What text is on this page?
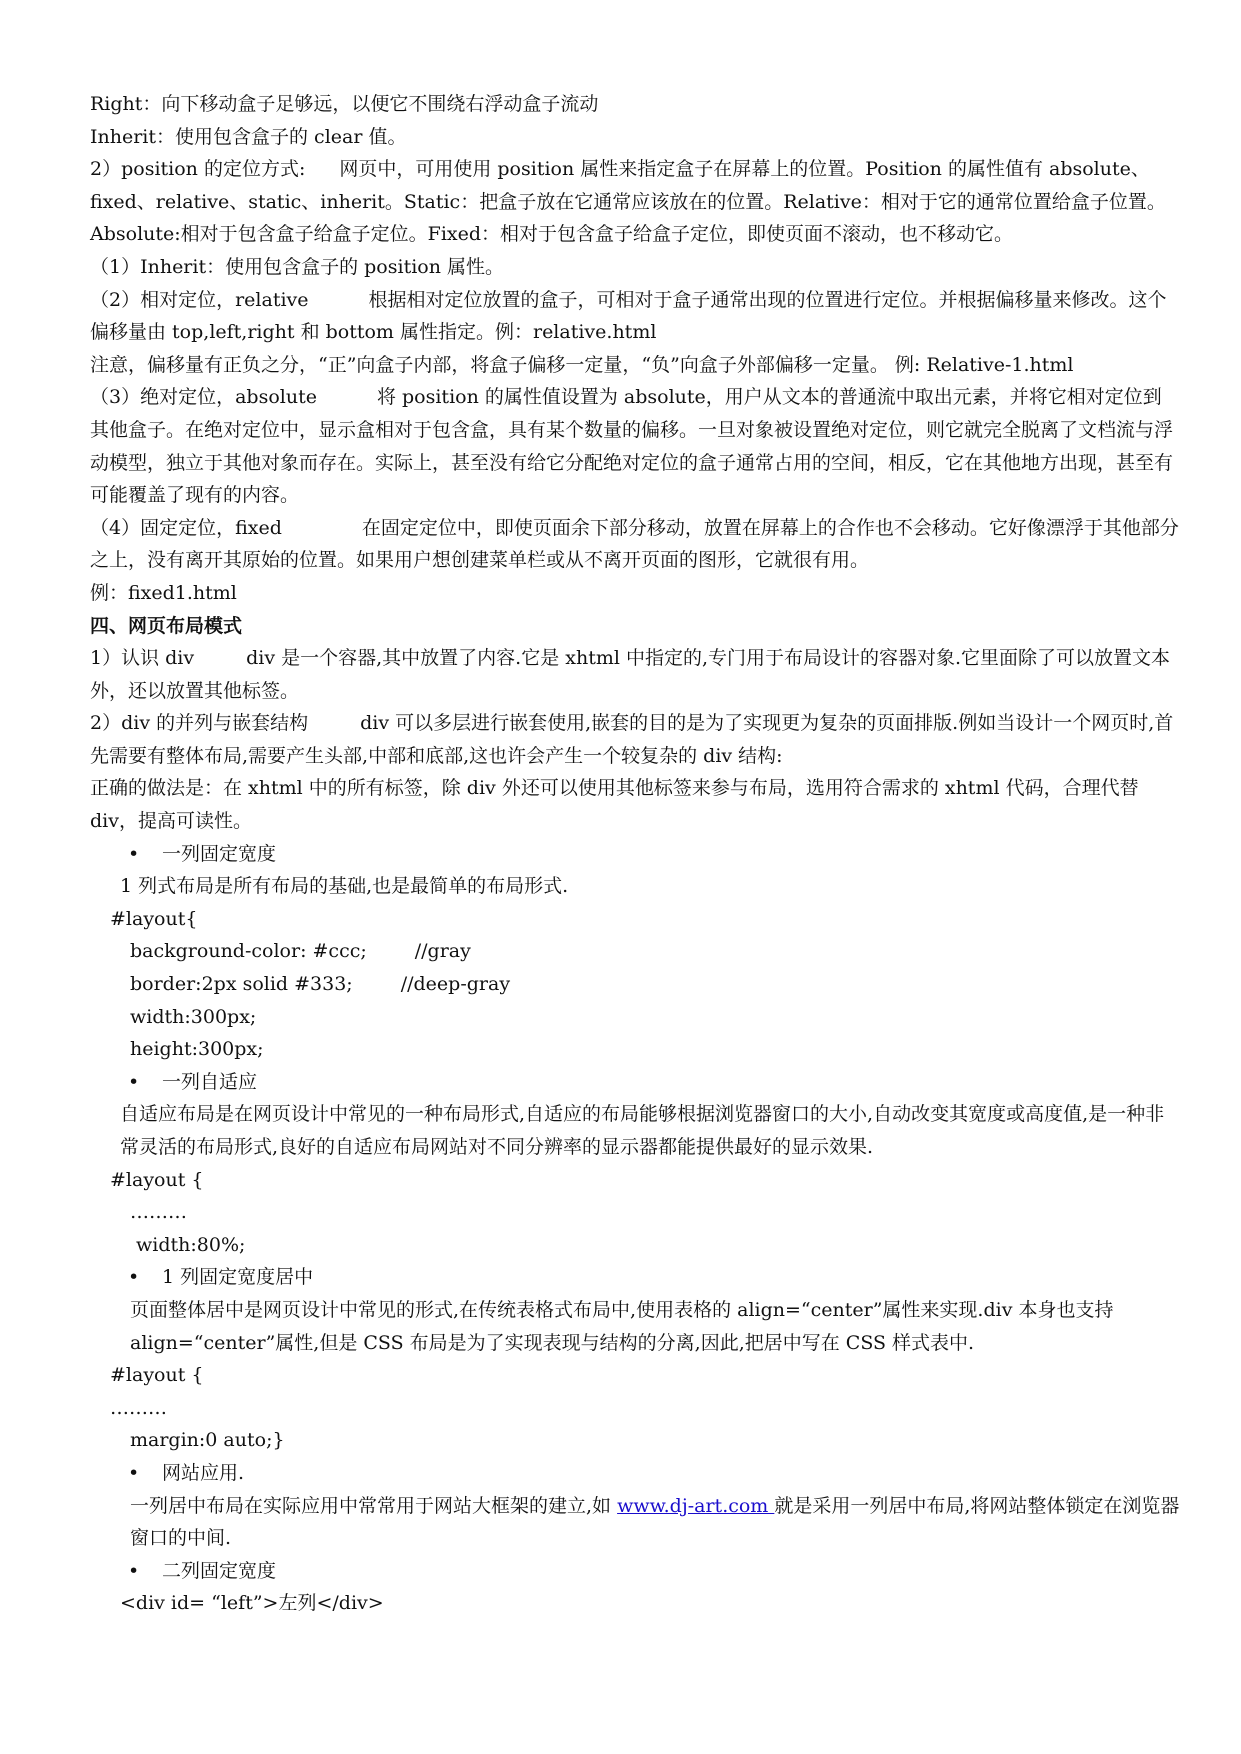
Right：向下移动盒子足够远，以便它不围绕右浮动盒子流动

Inherit：使用包含盒子的 clear 值。

2）position 的定位方式: 网页中，可用使用 position 属性来指定盒子在屏幕上的位置。Position 的属性值有 absolute、fixed、relative、static、inherit。Static：把盒子放在它通常应该放在的位置。Relative：相对于它的通常位置给盒子位置。Absolute:相对于包含盒子给盒子定位。Fixed：相对于包含盒子给盒子定位，即使页面不滚动，也不移动它。

（1）Inherit：使用包含盒子的 position 属性。

（2）相对定位，relative	根据相对定位放置的盒子，可相对于盒子通常出现的位置进行定位。并根据偏移量来修改。这个偏移量由 top,left,right 和 bottom 属性指定。例：relative.html

注意，偏移量有正负之分，“正”向盒子内部，将盒子偏移一定量，“负”向盒子外部偏移一定量。 例: Relative-1.html

（3）绝对定位，absolute	将 position 的属性值设置为 absolute，用户从文本的普通流中取出元素，并将它相对定位到其他盒子。在绝对定位中，显示盒相对于包含盒，具有某个数量的偏移。一旦对象被设置绝对定位，则它就完全脱离了文档流与浮动模型，独立于其他对象而存在。实际上，甚至没有给它分配绝对定位的盒子通常占用的空间，相反，它在其他地方出现，甚至有可能覆盖了现有的内容。

（4）固定定位，fixed	在固定定位中，即使页面余下部分移动，放置在屏幕上的合作也不会移动。它好像漂浮于其他部分之上，没有离开其原始的位置。如果用户想创建菜单栏或从不离开页面的图形，它就很有用。

例：fixed1.html

四、网页布局模式

1）认识 div	div 是一个容器,其中放置了内容.它是 xhtml 中指定的,专门用于布局设计的容器对象.它里面除了可以放置文本外，还以放置其他标签。

2）div 的并列与嵌套结构	div 可以多层进行嵌套使用,嵌套的目的是为了实现更为复杂的页面排版.例如当设计一个网页时,首先需要有整体布局,需要产生头部,中部和底部,这也许会产生一个较复杂的 div 结构:

正确的做法是：在 xhtml 中的所有标签，除 div 外还可以使用其他标签来参与布局，选用符合需求的 xhtml 代码，合理代替 div，提高可读性。

• 一列固定宽度

1 列式布局是所有布局的基础,也是最简单的布局形式.

#layout{

background-color: #ccc;	//gray

border:2px solid #333;	//deep-gray

width:300px;

height:300px;

• 一列自适应

自适应布局是在网页设计中常见的一种布局形式,自适应的布局能够根据浏览器窗口的大小,自动改变其宽度或高度值,是一种非常灵活的布局形式,良好的自适应布局网站对不同分辨率的显示器都能提供最好的显示效果.

#layout {

………

width:80%;

• 1 列固定宽度居中

页面整体居中是网页设计中常见的形式,在传统表格式布局中,使用表格的 align=“center”属性来实现.div 本身也支持 align=“center”属性,但是 CSS 布局是为了实现表现与结构的分离,因此,把居中写在 CSS 样式表中.

#layout {

………

margin:0 auto;}

• 网站应用.

一列居中布局在实际应用中常常用于网站大框架的建立,如 www.dj-art.com 就是采用一列居中布局,将网站整体锁定在浏览器窗口的中间.

• 二列固定宽度

<div id= “left”>左列</div>
